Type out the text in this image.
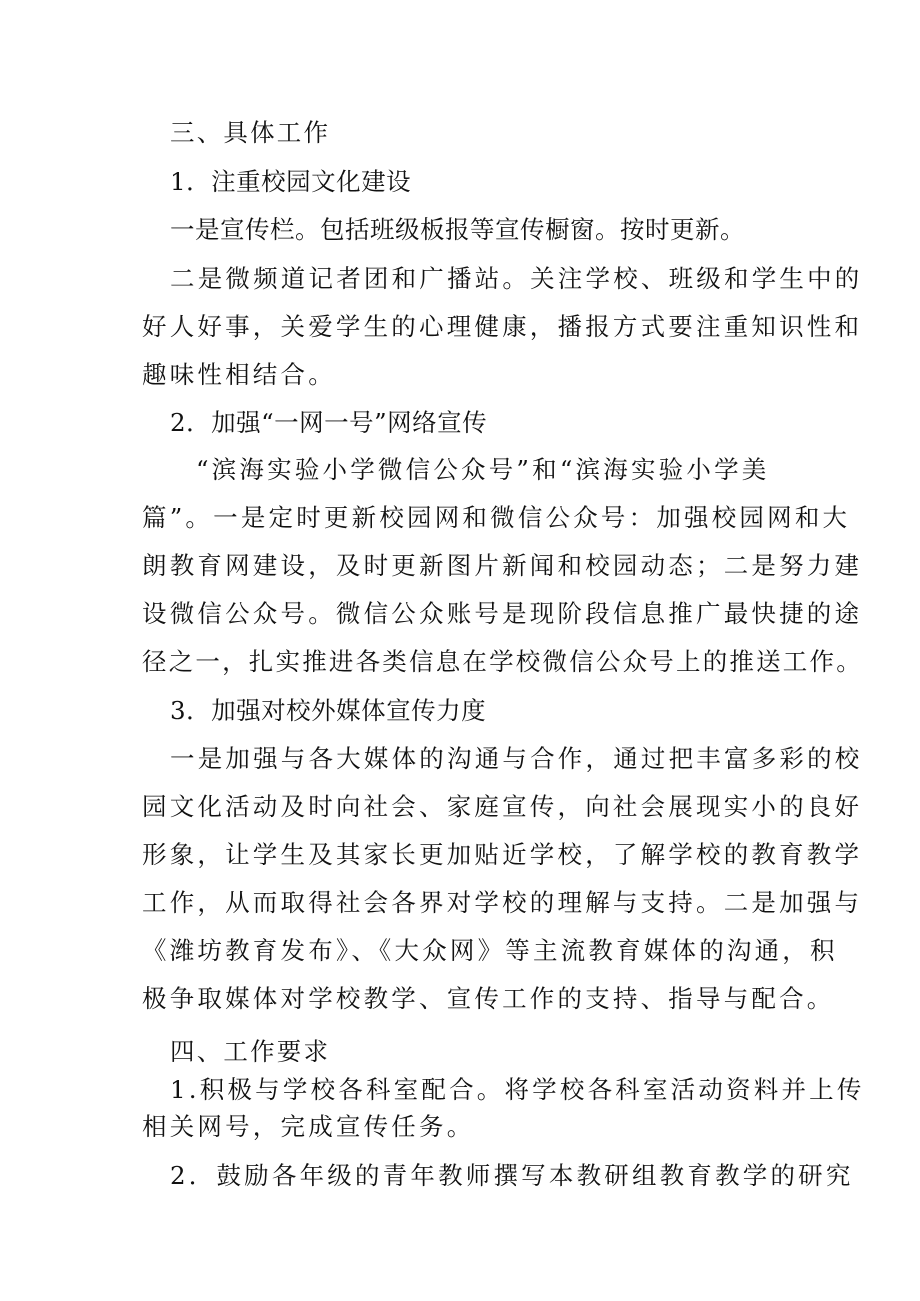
三、具体工作
1．注重校园文化建设
一是宣传栏。包括班级板报等宣传橱窗。按时更新。
二是微频道记者团和广播站。关注学校、班级和学生中的
好人好事，关爱学生的心理健康，播报方式要注重知识性和
趣味性相结合。
2．加强“一网一号”网络宣传
“滨海实验小学微信公众号”和“滨海实验小学美
篇”。一是定时更新校园网和微信公众号：加强校园网和大
朗教育网建设，及时更新图片新闻和校园动态；二是努力建
设微信公众号。微信公众账号是现阶段信息推广最快捷的途
径之一，扎实推进各类信息在学校微信公众号上的推送工作。
3．加强对校外媒体宣传力度
一是加强与各大媒体的沟通与合作，通过把丰富多彩的校
园文化活动及时向社会、家庭宣传，向社会展现实小的良好
形象，让学生及其家长更加贴近学校，了解学校的教育教学
工作，从而取得社会各界对学校的理解与支持。二是加强与
《潍坊教育发布》、《大众网》等主流教育媒体的沟通，积
极争取媒体对学校教学、宣传工作的支持、指导与配合。
四、工作要求
1.积极与学校各科室配合。将学校各科室活动资料并上传
相关网号，完成宣传任务。
2．鼓励各年级的青年教师撰写本教研组教育教学的研究
